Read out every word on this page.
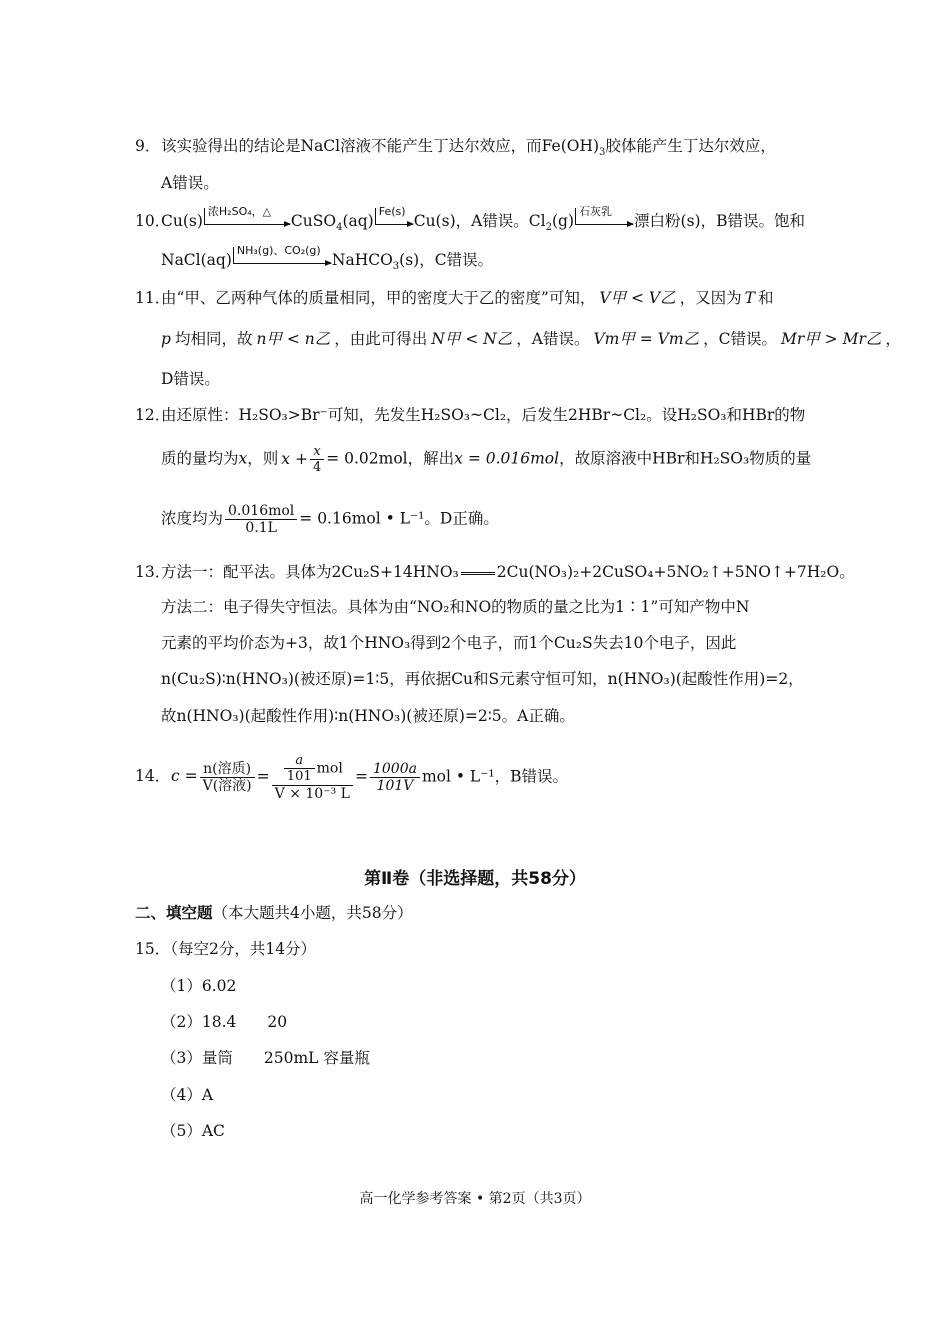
9．该实验得出的结论是NaCl溶液不能产生丁达尔效应，而$Fe(OH)_3$胶体能产生丁达尔效应，
A错误。
10．Cu(s)
浓H₂SO₄，△
CuSO$_4$(aq)
Fe(s)
Cu(s)，A错误。$Cl_2(g)$
石灰乳
漂白粉(s)，B错误。饱和
NaCl(aq)
NH₃(g)、CO₂(g)
NaHCO$_3$(s)，C错误。
11．由“甲、乙两种气体的质量相同，甲的密度大于乙的密度”可知， V甲 < V乙 ，又因为 T 和
p 均相同，故 n甲 < n乙 ，由此可得出 N甲 < N乙 ，A错误。 Vm甲 = Vm乙 ，C错误。 Mr甲 > Mr乙 ，
D错误。
12．由还原性：H₂SO₃>Br⁻可知，先发生H₂SO₃~Cl₂，后发生2HBr~Cl₂。设H₂SO₃和HBr的物
质的量均为x，则 $x + \frac{x}{4} = 0.02mol$，解出x = 0.016mol，故原溶液中HBr和H₂SO₃物质的量
浓度均为 $\frac{\text{0.016mol}}{0.1L} = 0.16mol$ • L⁻¹。D正确。
13．方法一：配平法。具体为2Cu₂S+14HNO₃ 2Cu(NO₃)₂+2CuSO₄+5NO₂↑+5NO↑+7H₂O。
方法二：电子得失守恒法。具体为由“NO₂和NO的物质的量之比为1∶1”可知产物中N
元素的平均价态为+3，故1个HNO₃得到2个电子，而1个Cu₂S失去10个电子，因此
n(Cu₂S)∶n(HNO₃)(被还原)=1∶5，再依据Cu和S元素守恒可知，n(HNO₃)(起酸性作用)=2，
故n(HNO₃)(起酸性作用)∶n(HNO₃)(被还原)=2∶5。A正确。
14．$c = \frac{\text{n(溶质)}}{\text{V(溶液)}} = \frac{\frac{a}{101} mol}{\text{V × 10⁻³ L}} = \frac{1000a}{101V}$ mol • L⁻¹，B错误。
第Ⅱ卷（非选择题，共58分）
二、填空题（本大题共4小题，共58分）
15．（每空2分，共14分）
（1）6.02
（2）18.4　　20
（3）量筒　　250mL 容量瓶
（4）A
（5）AC
高一化学参考答案 • 第2页（共3页）
